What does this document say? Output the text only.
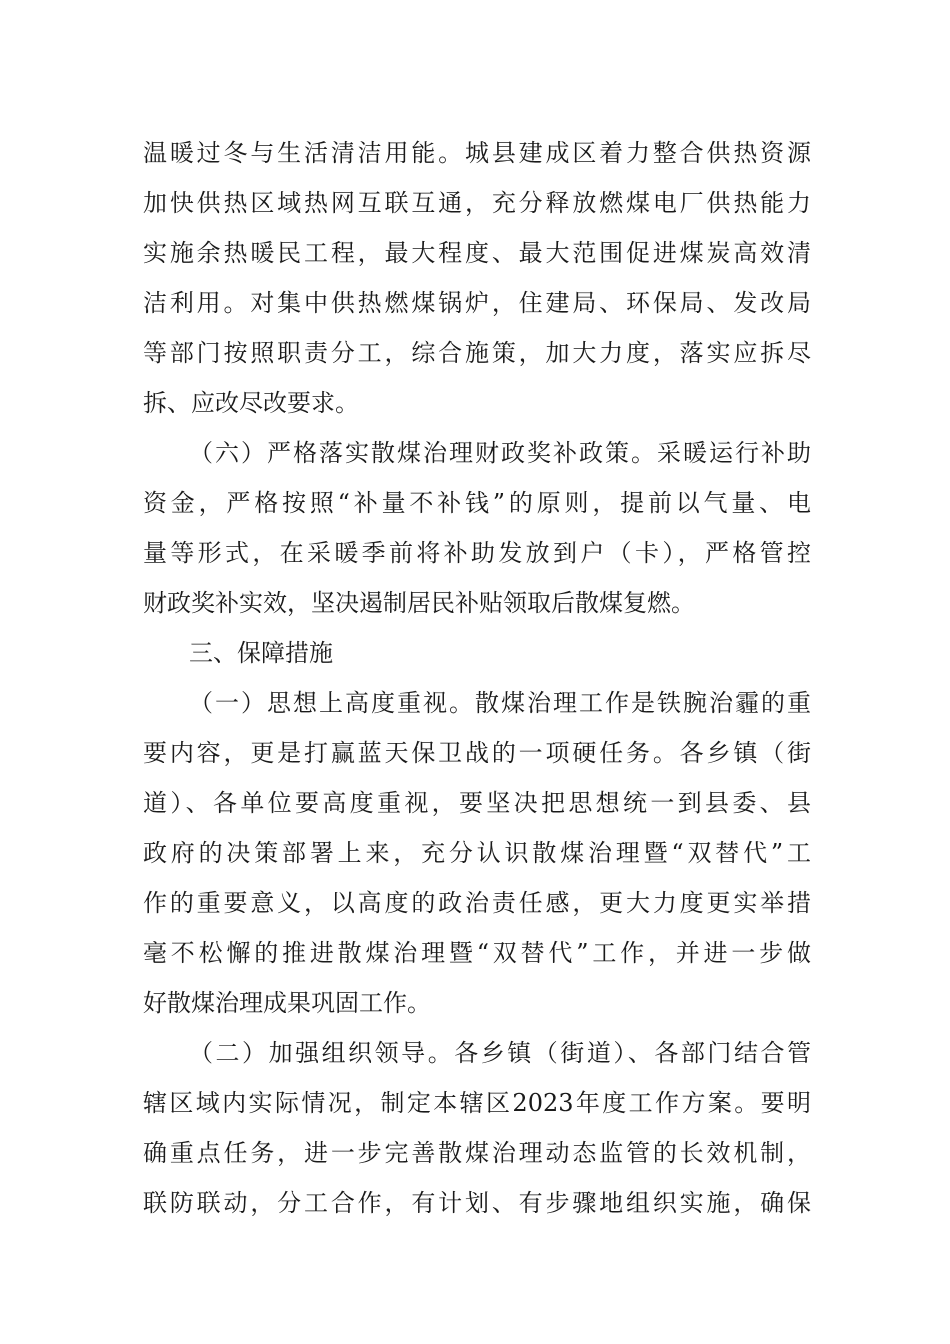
温暖过冬与生活清洁用能。城县建成区着力整合供热资源
加快供热区域热网互联互通，充分释放燃煤电厂供热能力
实施余热暖民工程，最大程度、最大范围促进煤炭高效清
洁利用。对集中供热燃煤锅炉，住建局、环保局、发改局
等部门按照职责分工，综合施策，加大力度，落实应拆尽
拆、应改尽改要求。
（六）严格落实散煤治理财政奖补政策。采暖运行补助
资金，严格按照“补量不补钱”的原则，提前以气量、电
量等形式，在采暖季前将补助发放到户（卡），严格管控
财政奖补实效，坚决遏制居民补贴领取后散煤复燃。
三、保障措施
（一）思想上高度重视。散煤治理工作是铁腕治霾的重
要内容，更是打赢蓝天保卫战的一项硬任务。各乡镇（街
道）、各单位要高度重视，要坚决把思想统一到县委、县
政府的决策部署上来，充分认识散煤治理暨“双替代”工
作的重要意义，以高度的政治责任感，更大力度更实举措
毫不松懈的推进散煤治理暨“双替代”工作，并进一步做
好散煤治理成果巩固工作。
（二）加强组织领导。各乡镇（街道）、各部门结合管
辖区域内实际情况，制定本辖区2023年度工作方案。要明
确重点任务，进一步完善散煤治理动态监管的长效机制，
联防联动，分工合作，有计划、有步骤地组织实施，确保
